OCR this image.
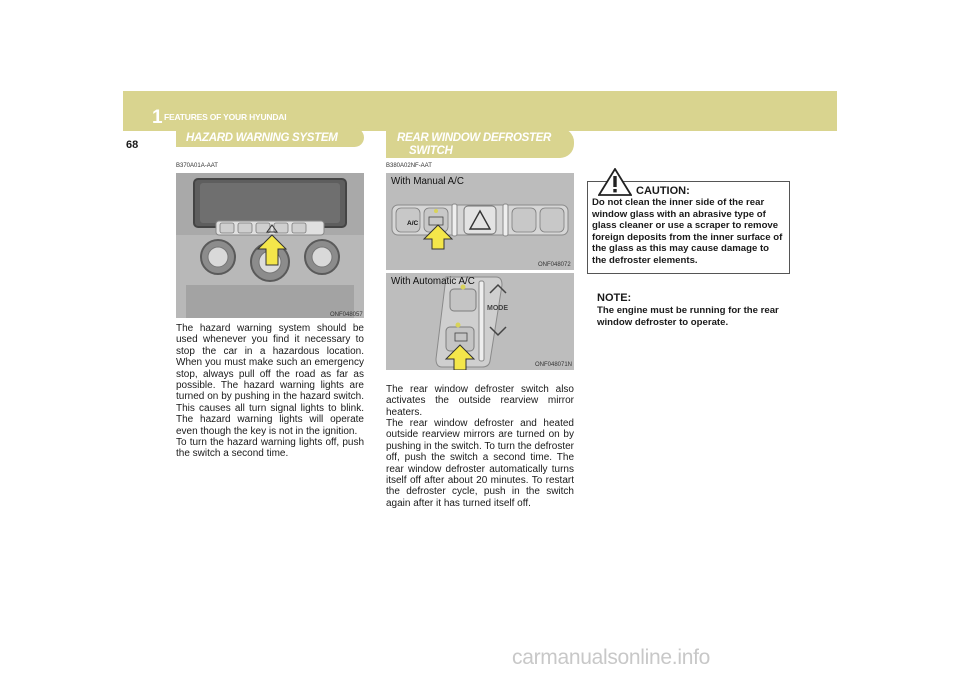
1 FEATURES OF YOUR HYUNDAI
68
HAZARD WARNING SYSTEM	REAR WINDOW DEFROSTER
SWITCH
B370A01A-AAT
ONF048057
The hazard warning system should be used whenever you find it necessary to stop the car in a hazardous location. When you must make such an emergency stop, always pull off the road as far as possible. The hazard warning lights are turned on by pushing in the hazard switch. This causes all turn signal lights to blink. The hazard warning lights will operate even though the key is not in the ignition.
To turn the hazard warning lights off, push the switch a second time.
B380A02NF-AAT
With Manual A/C
A/C
ONF048072
With Automatic A/C
MODE
ONF048071N
The rear window defroster switch also activates the outside rearview mirror heaters.
The rear window defroster and heated outside rearview mirrors are turned on by pushing in the switch. To turn the defroster off, push the switch a second time. The rear window defroster automatically turns itself off after about 20 minutes. To restart the defroster cycle, push in the switch again after it has turned itself off.
CAUTION:
Do not clean the inner side of the rear window glass with an abrasive type of glass cleaner or use a scraper to remove foreign deposits from the inner surface of the glass as this may cause damage to the defroster elements.
NOTE:
The engine must be running for the rear window defroster to operate.
carmanualsonline.info
